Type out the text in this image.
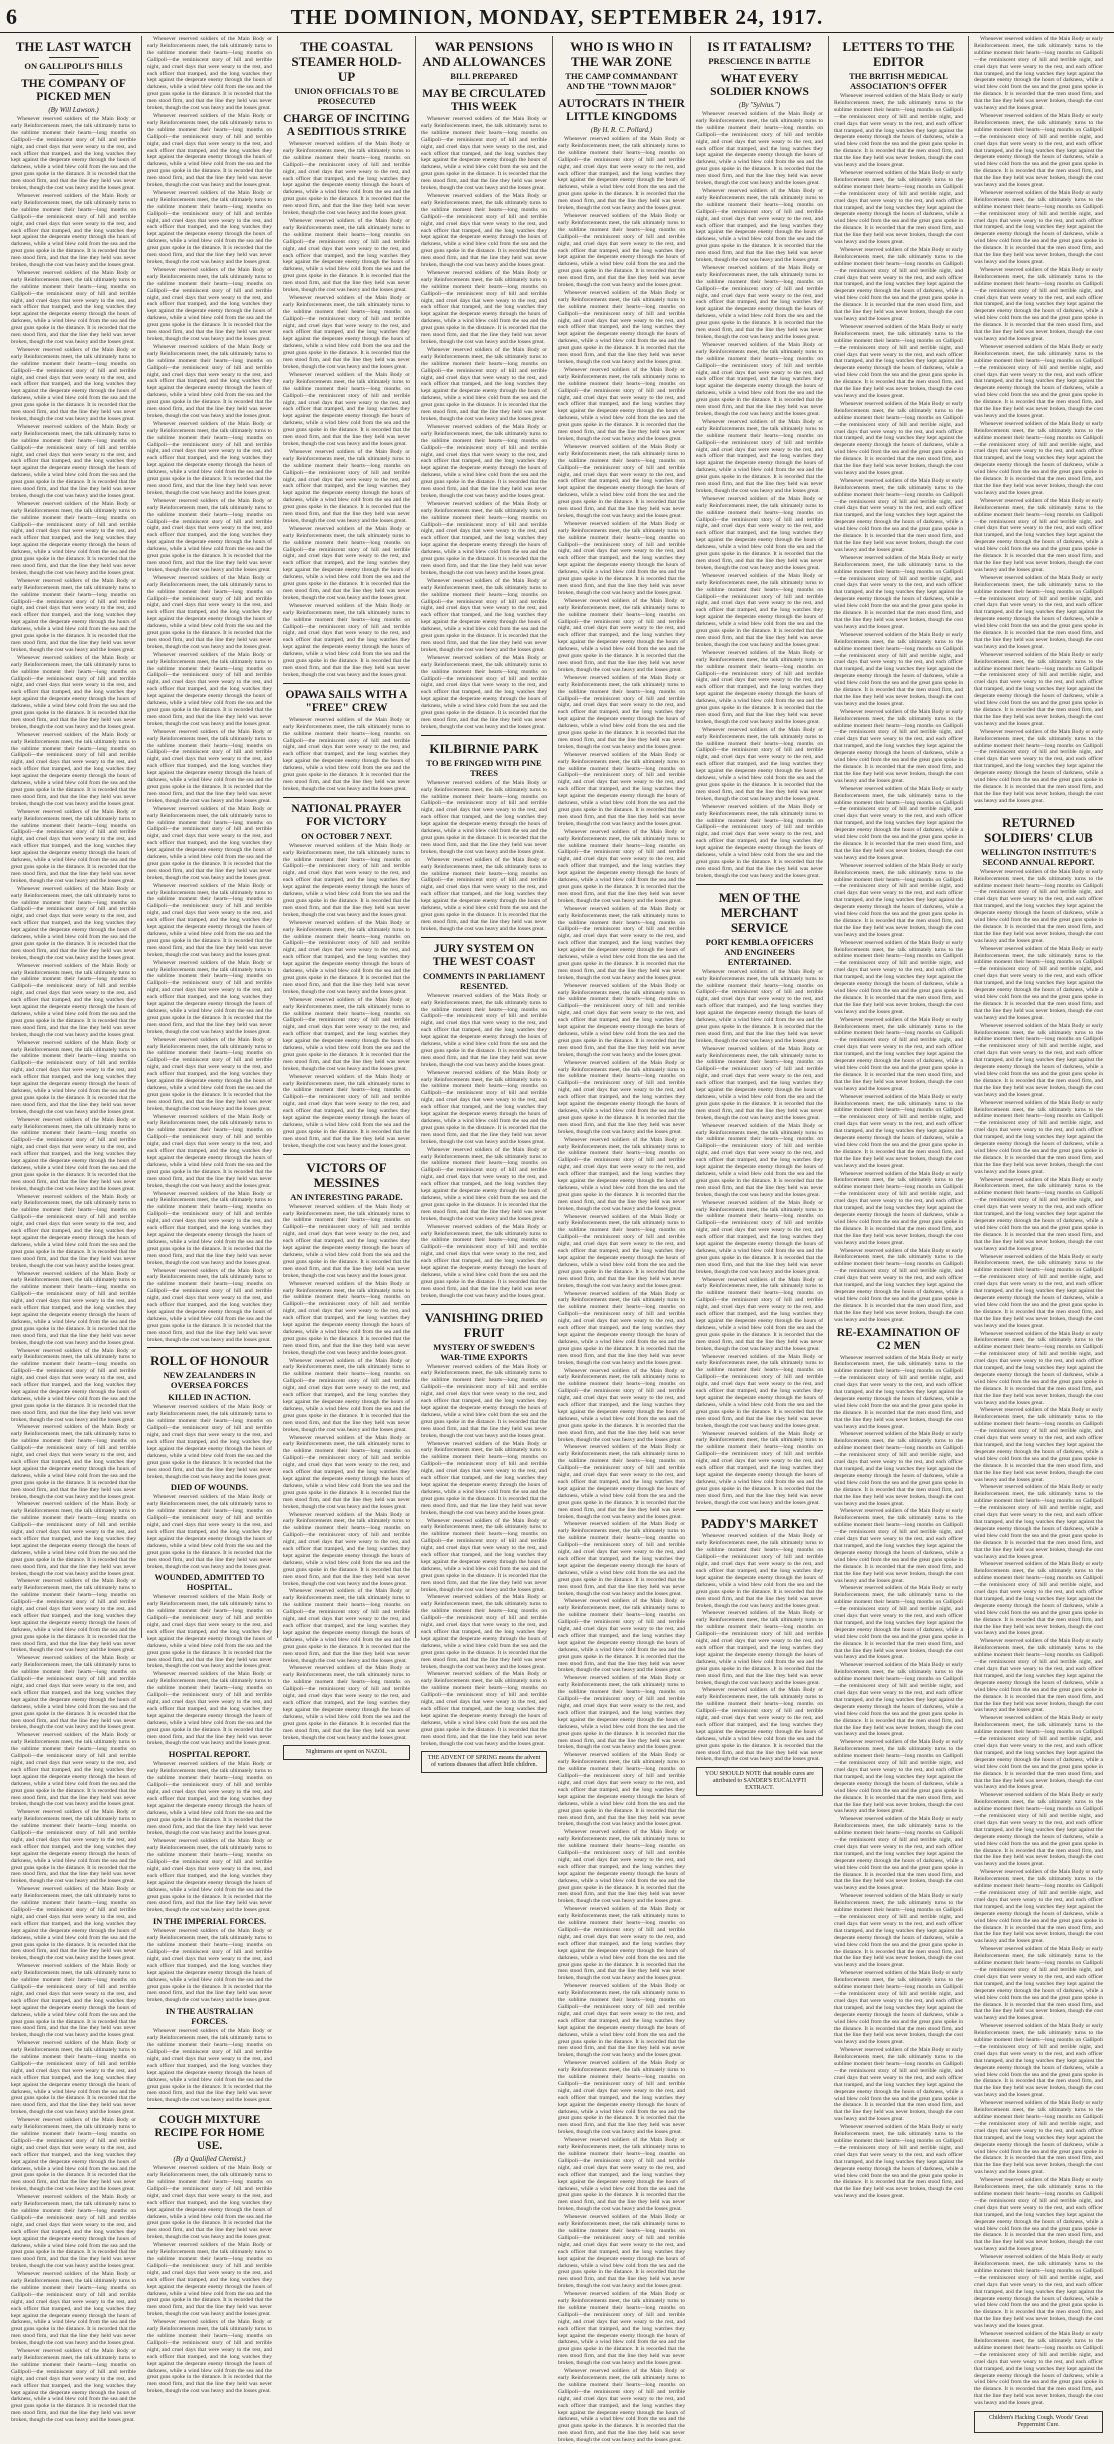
6	THE DOMINION, MONDAY, SEPTEMBER 24, 1917.
THE LAST WATCH
ON GALLIPOLI'S HILLS
THE COMPANY OF PICKED MEN
(By Will Lawson.)

Whenever reserved soldiers of the Main Body or early Reinforcements meet, the talk ultimately turns to the sublime moment their hearts—long months on Gallipoli—the reminiscent story of hill and terrible night, and cruel days that were weary to the rest, and each officer that tramped, and the long watches they kept against the desperate enemy through the hours of darkness, while a wind blew cold from the sea and the great guns spoke in the distance. It is recorded that the men stood firm, and that the line they held was never broken, though the cost was heavy and the losses great.

Whenever reserved soldiers of the Main Body or early Reinforcements meet, the talk ultimately turns to the sublime moment their hearts—long months on Gallipoli—the reminiscent story of hill and terrible night, and cruel days that were weary to the rest, and each officer that tramped, and the long watches they kept against the desperate enemy through the hours of darkness, while a wind blew cold from the sea and the great guns spoke in the distance. It is recorded that the men stood firm, and that the line they held was never broken, though the cost was heavy and the losses great.

Whenever reserved soldiers of the Main Body or early Reinforcements meet, the talk ultimately turns to the sublime moment their hearts—long months on Gallipoli—the reminiscent story of hill and terrible night, and cruel days that were weary to the rest, and each officer that tramped, and the long watches they kept against the desperate enemy through the hours of darkness, while a wind blew cold from the sea and the great guns spoke in the distance. It is recorded that the men stood firm, and that the line they held was never broken, though the cost was heavy and the losses great.

Whenever reserved soldiers of the Main Body or early Reinforcements meet, the talk ultimately turns to the sublime moment their hearts—long months on Gallipoli—the reminiscent story of hill and terrible night, and cruel days that were weary to the rest, and each officer that tramped, and the long watches they kept against the desperate enemy through the hours of darkness, while a wind blew cold from the sea and the great guns spoke in the distance. It is recorded that the men stood firm, and that the line they held was never broken, though the cost was heavy and the losses great.

Whenever reserved soldiers of the Main Body or early Reinforcements meet, the talk ultimately turns to the sublime moment their hearts—long months on Gallipoli—the reminiscent story of hill and terrible night, and cruel days that were weary to the rest, and each officer that tramped, and the long watches they kept against the desperate enemy through the hours of darkness, while a wind blew cold from the sea and the great guns spoke in the distance. It is recorded that the men stood firm, and that the line they held was never broken, though the cost was heavy and the losses great.

Whenever reserved soldiers of the Main Body or early Reinforcements meet, the talk ultimately turns to the sublime moment their hearts—long months on Gallipoli—the reminiscent story of hill and terrible night, and cruel days that were weary to the rest, and each officer that tramped, and the long watches they kept against the desperate enemy through the hours of darkness, while a wind blew cold from the sea and the great guns spoke in the distance. It is recorded that the men stood firm, and that the line they held was never broken, though the cost was heavy and the losses great.

Whenever reserved soldiers of the Main Body or early Reinforcements meet, the talk ultimately turns to the sublime moment their hearts—long months on Gallipoli—the reminiscent story of hill and terrible night, and cruel days that were weary to the rest, and each officer that tramped, and the long watches they kept against the desperate enemy through the hours of darkness, while a wind blew cold from the sea and the great guns spoke in the distance. It is recorded that the men stood firm, and that the line they held was never broken, though the cost was heavy and the losses great.

Whenever reserved soldiers of the Main Body or early Reinforcements meet, the talk ultimately turns to the sublime moment their hearts—long months on Gallipoli—the reminiscent story of hill and terrible night, and cruel days that were weary to the rest, and each officer that tramped, and the long watches they kept against the desperate enemy through the hours of darkness, while a wind blew cold from the sea and the great guns spoke in the distance. It is recorded that the men stood firm, and that the line they held was never broken, though the cost was heavy and the losses great.

Whenever reserved soldiers of the Main Body or early Reinforcements meet, the talk ultimately turns to the sublime moment their hearts—long months on Gallipoli—the reminiscent story of hill and terrible night, and cruel days that were weary to the rest, and each officer that tramped, and the long watches they kept against the desperate enemy through the hours of darkness, while a wind blew cold from the sea and the great guns spoke in the distance. It is recorded that the men stood firm, and that the line they held was never broken, though the cost was heavy and the losses great.

Whenever reserved soldiers of the Main Body or early Reinforcements meet, the talk ultimately turns to the sublime moment their hearts—long months on Gallipoli—the reminiscent story of hill and terrible night, and cruel days that were weary to the rest, and each officer that tramped, and the long watches they kept against the desperate enemy through the hours of darkness, while a wind blew cold from the sea and the great guns spoke in the distance. It is recorded that the men stood firm, and that the line they held was never broken, though the cost was heavy and the losses great.

Whenever reserved soldiers of the Main Body or early Reinforcements meet, the talk ultimately turns to the sublime moment their hearts—long months on Gallipoli—the reminiscent story of hill and terrible night, and cruel days that were weary to the rest, and each officer that tramped, and the long watches they kept against the desperate enemy through the hours of darkness, while a wind blew cold from the sea and the great guns spoke in the distance. It is recorded that the men stood firm, and that the line they held was never broken, though the cost was heavy and the losses great.

Whenever reserved soldiers of the Main Body or early Reinforcements meet, the talk ultimately turns to the sublime moment their hearts—long months on Gallipoli—the reminiscent story of hill and terrible night, and cruel days that were weary to the rest, and each officer that tramped, and the long watches they kept against the desperate enemy through the hours of darkness, while a wind blew cold from the sea and the great guns spoke in the distance. It is recorded that the men stood firm, and that the line they held was never broken, though the cost was heavy and the losses great.

Whenever reserved soldiers of the Main Body or early Reinforcements meet, the talk ultimately turns to the sublime moment their hearts—long months on Gallipoli—the reminiscent story of hill and terrible night, and cruel days that were weary to the rest, and each officer that tramped, and the long watches they kept against the desperate enemy through the hours of darkness, while a wind blew cold from the sea and the great guns spoke in the distance. It is recorded that the men stood firm, and that the line they held was never broken, though the cost was heavy and the losses great.

Whenever reserved soldiers of the Main Body or early Reinforcements meet, the talk ultimately turns to the sublime moment their hearts—long months on Gallipoli—the reminiscent story of hill and terrible night, and cruel days that were weary to the rest, and each officer that tramped, and the long watches they kept against the desperate enemy through the hours of darkness, while a wind blew cold from the sea and the great guns spoke in the distance. It is recorded that the men stood firm, and that the line they held was never broken, though the cost was heavy and the losses great.

Whenever reserved soldiers of the Main Body or early Reinforcements meet, the talk ultimately turns to the sublime moment their hearts—long months on Gallipoli—the reminiscent story of hill and terrible night, and cruel days that were weary to the rest, and each officer that tramped, and the long watches they kept against the desperate enemy through the hours of darkness, while a wind blew cold from the sea and the great guns spoke in the distance. It is recorded that the men stood firm, and that the line they held was never broken, though the cost was heavy and the losses great.

Whenever reserved soldiers of the Main Body or early Reinforcements meet, the talk ultimately turns to the sublime moment their hearts—long months on Gallipoli—the reminiscent story of hill and terrible night, and cruel days that were weary to the rest, and each officer that tramped, and the long watches they kept against the desperate enemy through the hours of darkness, while a wind blew cold from the sea and the great guns spoke in the distance. It is recorded that the men stood firm, and that the line they held was never broken, though the cost was heavy and the losses great.

Whenever reserved soldiers of the Main Body or early Reinforcements meet, the talk ultimately turns to the sublime moment their hearts—long months on Gallipoli—the reminiscent story of hill and terrible night, and cruel days that were weary to the rest, and each officer that tramped, and the long watches they kept against the desperate enemy through the hours of darkness, while a wind blew cold from the sea and the great guns spoke in the distance. It is recorded that the men stood firm, and that the line they held was never broken, though the cost was heavy and the losses great.

Whenever reserved soldiers of the Main Body or early Reinforcements meet, the talk ultimately turns to the sublime moment their hearts—long months on Gallipoli—the reminiscent story of hill and terrible night, and cruel days that were weary to the rest, and each officer that tramped, and the long watches they kept against the desperate enemy through the hours of darkness, while a wind blew cold from the sea and the great guns spoke in the distance. It is recorded that the men stood firm, and that the line they held was never broken, though the cost was heavy and the losses great.

Whenever reserved soldiers of the Main Body or early Reinforcements meet, the talk ultimately turns to the sublime moment their hearts—long months on Gallipoli—the reminiscent story of hill and terrible night, and cruel days that were weary to the rest, and each officer that tramped, and the long watches they kept against the desperate enemy through the hours of darkness, while a wind blew cold from the sea and the great guns spoke in the distance. It is recorded that the men stood firm, and that the line they held was never broken, though the cost was heavy and the losses great.

Whenever reserved soldiers of the Main Body or early Reinforcements meet, the talk ultimately turns to the sublime moment their hearts—long months on Gallipoli—the reminiscent story of hill and terrible night, and cruel days that were weary to the rest, and each officer that tramped, and the long watches they kept against the desperate enemy through the hours of darkness, while a wind blew cold from the sea and the great guns spoke in the distance. It is recorded that the men stood firm, and that the line they held was never broken, though the cost was heavy and the losses great.

Whenever reserved soldiers of the Main Body or early Reinforcements meet, the talk ultimately turns to the sublime moment their hearts—long months on Gallipoli—the reminiscent story of hill and terrible night, and cruel days that were weary to the rest, and each officer that tramped, and the long watches they kept against the desperate enemy through the hours of darkness, while a wind blew cold from the sea and the great guns spoke in the distance. It is recorded that the men stood firm, and that the line they held was never broken, though the cost was heavy and the losses great.

Whenever reserved soldiers of the Main Body or early Reinforcements meet, the talk ultimately turns to the sublime moment their hearts—long months on Gallipoli—the reminiscent story of hill and terrible night, and cruel days that were weary to the rest, and each officer that tramped, and the long watches they kept against the desperate enemy through the hours of darkness, while a wind blew cold from the sea and the great guns spoke in the distance. It is recorded that the men stood firm, and that the line they held was never broken, though the cost was heavy and the losses great.

Whenever reserved soldiers of the Main Body or early Reinforcements meet, the talk ultimately turns to the sublime moment their hearts—long months on Gallipoli—the reminiscent story of hill and terrible night, and cruel days that were weary to the rest, and each officer that tramped, and the long watches they kept against the desperate enemy through the hours of darkness, while a wind blew cold from the sea and the great guns spoke in the distance. It is recorded that the men stood firm, and that the line they held was never broken, though the cost was heavy and the losses great.

Whenever reserved soldiers of the Main Body or early Reinforcements meet, the talk ultimately turns to the sublime moment their hearts—long months on Gallipoli—the reminiscent story of hill and terrible night, and cruel days that were weary to the rest, and each officer that tramped, and the long watches they kept against the desperate enemy through the hours of darkness, while a wind blew cold from the sea and the great guns spoke in the distance. It is recorded that the men stood firm, and that the line they held was never broken, though the cost was heavy and the losses great.

Whenever reserved soldiers of the Main Body or early Reinforcements meet, the talk ultimately turns to the sublime moment their hearts—long months on Gallipoli—the reminiscent story of hill and terrible night, and cruel days that were weary to the rest, and each officer that tramped, and the long watches they kept against the desperate enemy through the hours of darkness, while a wind blew cold from the sea and the great guns spoke in the distance. It is recorded that the men stood firm, and that the line they held was never broken, though the cost was heavy and the losses great.

Whenever reserved soldiers of the Main Body or early Reinforcements meet, the talk ultimately turns to the sublime moment their hearts—long months on Gallipoli—the reminiscent story of hill and terrible night, and cruel days that were weary to the rest, and each officer that tramped, and the long watches they kept against the desperate enemy through the hours of darkness, while a wind blew cold from the sea and the great guns spoke in the distance. It is recorded that the men stood firm, and that the line they held was never broken, though the cost was heavy and the losses great.

Whenever reserved soldiers of the Main Body or early Reinforcements meet, the talk ultimately turns to the sublime moment their hearts—long months on Gallipoli—the reminiscent story of hill and terrible night, and cruel days that were weary to the rest, and each officer that tramped, and the long watches they kept against the desperate enemy through the hours of darkness, while a wind blew cold from the sea and the great guns spoke in the distance. It is recorded that the men stood firm, and that the line they held was never broken, though the cost was heavy and the losses great.

Whenever reserved soldiers of the Main Body or early Reinforcements meet, the talk ultimately turns to the sublime moment their hearts—long months on Gallipoli—the reminiscent story of hill and terrible night, and cruel days that were weary to the rest, and each officer that tramped, and the long watches they kept against the desperate enemy through the hours of darkness, while a wind blew cold from the sea and the great guns spoke in the distance. It is recorded that the men stood firm, and that the line they held was never broken, though the cost was heavy and the losses great.

Whenever reserved soldiers of the Main Body or early Reinforcements meet, the talk ultimately turns to the sublime moment their hearts—long months on Gallipoli—the reminiscent story of hill and terrible night, and cruel days that were weary to the rest, and each officer that tramped, and the long watches they kept against the desperate enemy through the hours of darkness, while a wind blew cold from the sea and the great guns spoke in the distance. It is recorded that the men stood firm, and that the line they held was never broken, though the cost was heavy and the losses great.

Whenever reserved soldiers of the Main Body or early Reinforcements meet, the talk ultimately turns to the sublime moment their hearts—long months on Gallipoli—the reminiscent story of hill and terrible night, and cruel days that were weary to the rest, and each officer that tramped, and the long watches they kept against the desperate enemy through the hours of darkness, while a wind blew cold from the sea and the great guns spoke in the distance. It is recorded that the men stood firm, and that the line they held was never broken, though the cost was heavy and the losses great.

Whenever reserved soldiers of the Main Body or early Reinforcements meet, the talk ultimately turns to the sublime moment their hearts—long months on Gallipoli—the reminiscent story of hill and terrible night, and cruel days that were weary to the rest, and each officer that tramped, and the long watches they kept against the desperate enemy through the hours of darkness, while a wind blew cold from the sea and the great guns spoke in the distance. It is recorded that the men stood firm, and that the line they held was never broken, though the cost was heavy and the losses great.

Whenever reserved soldiers of the Main Body or early Reinforcements meet, the talk ultimately turns to the sublime moment their hearts—long months on Gallipoli—the reminiscent story of hill and terrible night, and cruel days that were weary to the rest, and each officer that tramped, and the long watches they kept against the desperate enemy through the hours of darkness, while a wind blew cold from the sea and the great guns spoke in the distance. It is recorded that the men stood firm, and that the line they held was never broken, though the cost was heavy and the losses great.

Whenever reserved soldiers of the Main Body or early Reinforcements meet, the talk ultimately turns to the sublime moment their hearts—long months on Gallipoli—the reminiscent story of hill and terrible night, and cruel days that were weary to the rest, and each officer that tramped, and the long watches they kept against the desperate enemy through the hours of darkness, while a wind blew cold from the sea and the great guns spoke in the distance. It is recorded that the men stood firm, and that the line they held was never broken, though the cost was heavy and the losses great.

Whenever reserved soldiers of the Main Body or early Reinforcements meet, the talk ultimately turns to the sublime moment their hearts—long months on Gallipoli—the reminiscent story of hill and terrible night, and cruel days that were weary to the rest, and each officer that tramped, and the long watches they kept against the desperate enemy through the hours of darkness, while a wind blew cold from the sea and the great guns spoke in the distance. It is recorded that the men stood firm, and that the line they held was never broken, though the cost was heavy and the losses great.

Whenever reserved soldiers of the Main Body or early Reinforcements meet, the talk ultimately turns to the sublime moment their hearts—long months on Gallipoli—the reminiscent story of hill and terrible night, and cruel days that were weary to the rest, and each officer that tramped, and the long watches they kept against the desperate enemy through the hours of darkness, while a wind blew cold from the sea and the great guns spoke in the distance. It is recorded that the men stood firm, and that the line they held was never broken, though the cost was heavy and the losses great.

Whenever reserved soldiers of the Main Body or early Reinforcements meet, the talk ultimately turns to the sublime moment their hearts—long months on Gallipoli—the reminiscent story of hill and terrible night, and cruel days that were weary to the rest, and each officer that tramped, and the long watches they kept against the desperate enemy through the hours of darkness, while a wind blew cold from the sea and the great guns spoke in the distance. It is recorded that the men stood firm, and that the line they held was never broken, though the cost was heavy and the losses great.

Whenever reserved soldiers of the Main Body or early Reinforcements meet, the talk ultimately turns to the sublime moment their hearts—long months on Gallipoli—the reminiscent story of hill and terrible night, and cruel days that were weary to the rest, and each officer that tramped, and the long watches they kept against the desperate enemy through the hours of darkness, while a wind blew cold from the sea and the great guns spoke in the distance. It is recorded that the men stood firm, and that the line they held was never broken, though the cost was heavy and the losses great.

Whenever reserved soldiers of the Main Body or early Reinforcements meet, the talk ultimately turns to the sublime moment their hearts—long months on Gallipoli—the reminiscent story of hill and terrible night, and cruel days that were weary to the rest, and each officer that tramped, and the long watches they kept against the desperate enemy through the hours of darkness, while a wind blew cold from the sea and the great guns spoke in the distance. It is recorded that the men stood firm, and that the line they held was never broken, though the cost was heavy and the losses great.

Whenever reserved soldiers of the Main Body or early Reinforcements meet, the talk ultimately turns to the sublime moment their hearts—long months on Gallipoli—the reminiscent story of hill and terrible night, and cruel days that were weary to the rest, and each officer that tramped, and the long watches they kept against the desperate enemy through the hours of darkness, while a wind blew cold from the sea and the great guns spoke in the distance. It is recorded that the men stood firm, and that the line they held was never broken, though the cost was heavy and the losses great.

Whenever reserved soldiers of the Main Body or early Reinforcements meet, the talk ultimately turns to the sublime moment their hearts—long months on Gallipoli—the reminiscent story of hill and terrible night, and cruel days that were weary to the rest, and each officer that tramped, and the long watches they kept against the desperate enemy through the hours of darkness, while a wind blew cold from the sea and the great guns spoke in the distance. It is recorded that the men stood firm, and that the line they held was never broken, though the cost was heavy and the losses great.

Whenever reserved soldiers of the Main Body or early Reinforcements meet, the talk ultimately turns to the sublime moment their hearts—long months on Gallipoli—the reminiscent story of hill and terrible night, and cruel days that were weary to the rest, and each officer that tramped, and the long watches they kept against the desperate enemy through the hours of darkness, while a wind blew cold from the sea and the great guns spoke in the distance. It is recorded that the men stood firm, and that the line they held was never broken, though the cost was heavy and the losses great.

Whenever reserved soldiers of the Main Body or early Reinforcements meet, the talk ultimately turns to the sublime moment their hearts—long months on Gallipoli—the reminiscent story of hill and terrible night, and cruel days that were weary to the rest, and each officer that tramped, and the long watches they kept against the desperate enemy through the hours of darkness, while a wind blew cold from the sea and the great guns spoke in the distance. It is recorded that the men stood firm, and that the line they held was never broken, though the cost was heavy and the losses great.

Whenever reserved soldiers of the Main Body or early Reinforcements meet, the talk ultimately turns to the sublime moment their hearts—long months on Gallipoli—the reminiscent story of hill and terrible night, and cruel days that were weary to the rest, and each officer that tramped, and the long watches they kept against the desperate enemy through the hours of darkness, while a wind blew cold from the sea and the great guns spoke in the distance. It is recorded that the men stood firm, and that the line they held was never broken, though the cost was heavy and the losses great.

Whenever reserved soldiers of the Main Body or early Reinforcements meet, the talk ultimately turns to the sublime moment their hearts—long months on Gallipoli—the reminiscent story of hill and terrible night, and cruel days that were weary to the rest, and each officer that tramped, and the long watches they kept against the desperate enemy through the hours of darkness, while a wind blew cold from the sea and the great guns spoke in the distance. It is recorded that the men stood firm, and that the line they held was never broken, though the cost was heavy and the losses great.

Whenever reserved soldiers of the Main Body or early Reinforcements meet, the talk ultimately turns to the sublime moment their hearts—long months on Gallipoli—the reminiscent story of hill and terrible night, and cruel days that were weary to the rest, and each officer that tramped, and the long watches they kept against the desperate enemy through the hours of darkness, while a wind blew cold from the sea and the great guns spoke in the distance. It is recorded that the men stood firm, and that the line they held was never broken, though the cost was heavy and the losses great.

Whenever reserved soldiers of the Main Body or early Reinforcements meet, the talk ultimately turns to the sublime moment their hearts—long months on Gallipoli—the reminiscent story of hill and terrible night, and cruel days that were weary to the rest, and each officer that tramped, and the long watches they kept against the desperate enemy through the hours of darkness, while a wind blew cold from the sea and the great guns spoke in the distance. It is recorded that the men stood firm, and that the line they held was never broken, though the cost was heavy and the losses great.

Whenever reserved soldiers of the Main Body or early Reinforcements meet, the talk ultimately turns to the sublime moment their hearts—long months on Gallipoli—the reminiscent story of hill and terrible night, and cruel days that were weary to the rest, and each officer that tramped, and the long watches they kept against the desperate enemy through the hours of darkness, while a wind blew cold from the sea and the great guns spoke in the distance. It is recorded that the men stood firm, and that the line they held was never broken, though the cost was heavy and the losses great.

ROLL OF HONOUR
NEW ZEALANDERS IN OVERSEA FORCES
KILLED IN ACTION.

Whenever reserved soldiers of the Main Body or early Reinforcements meet, the talk ultimately turns to the sublime moment their hearts—long months on Gallipoli—the reminiscent story of hill and terrible night, and cruel days that were weary to the rest, and each officer that tramped, and the long watches they kept against the desperate enemy through the hours of darkness, while a wind blew cold from the sea and the great guns spoke in the distance. It is recorded that the men stood firm, and that the line they held was never broken, though the cost was heavy and the losses great.

DIED OF WOUNDS.

Whenever reserved soldiers of the Main Body or early Reinforcements meet, the talk ultimately turns to the sublime moment their hearts—long months on Gallipoli—the reminiscent story of hill and terrible night, and cruel days that were weary to the rest, and each officer that tramped, and the long watches they kept against the desperate enemy through the hours of darkness, while a wind blew cold from the sea and the great guns spoke in the distance. It is recorded that the men stood firm, and that the line they held was never broken, though the cost was heavy and the losses great.

WOUNDED, ADMITTED TO HOSPITAL.

Whenever reserved soldiers of the Main Body or early Reinforcements meet, the talk ultimately turns to the sublime moment their hearts—long months on Gallipoli—the reminiscent story of hill and terrible night, and cruel days that were weary to the rest, and each officer that tramped, and the long watches they kept against the desperate enemy through the hours of darkness, while a wind blew cold from the sea and the great guns spoke in the distance. It is recorded that the men stood firm, and that the line they held was never broken, though the cost was heavy and the losses great.

Whenever reserved soldiers of the Main Body or early Reinforcements meet, the talk ultimately turns to the sublime moment their hearts—long months on Gallipoli—the reminiscent story of hill and terrible night, and cruel days that were weary to the rest, and each officer that tramped, and the long watches they kept against the desperate enemy through the hours of darkness, while a wind blew cold from the sea and the great guns spoke in the distance. It is recorded that the men stood firm, and that the line they held was never broken, though the cost was heavy and the losses great.

HOSPITAL REPORT.

Whenever reserved soldiers of the Main Body or early Reinforcements meet, the talk ultimately turns to the sublime moment their hearts—long months on Gallipoli—the reminiscent story of hill and terrible night, and cruel days that were weary to the rest, and each officer that tramped, and the long watches they kept against the desperate enemy through the hours of darkness, while a wind blew cold from the sea and the great guns spoke in the distance. It is recorded that the men stood firm, and that the line they held was never broken, though the cost was heavy and the losses great.

Whenever reserved soldiers of the Main Body or early Reinforcements meet, the talk ultimately turns to the sublime moment their hearts—long months on Gallipoli—the reminiscent story of hill and terrible night, and cruel days that were weary to the rest, and each officer that tramped, and the long watches they kept against the desperate enemy through the hours of darkness, while a wind blew cold from the sea and the great guns spoke in the distance. It is recorded that the men stood firm, and that the line they held was never broken, though the cost was heavy and the losses great.

IN THE IMPERIAL FORCES.

Whenever reserved soldiers of the Main Body or early Reinforcements meet, the talk ultimately turns to the sublime moment their hearts—long months on Gallipoli—the reminiscent story of hill and terrible night, and cruel days that were weary to the rest, and each officer that tramped, and the long watches they kept against the desperate enemy through the hours of darkness, while a wind blew cold from the sea and the great guns spoke in the distance. It is recorded that the men stood firm, and that the line they held was never broken, though the cost was heavy and the losses great.

IN THE AUSTRALIAN FORCES.

Whenever reserved soldiers of the Main Body or early Reinforcements meet, the talk ultimately turns to the sublime moment their hearts—long months on Gallipoli—the reminiscent story of hill and terrible night, and cruel days that were weary to the rest, and each officer that tramped, and the long watches they kept against the desperate enemy through the hours of darkness, while a wind blew cold from the sea and the great guns spoke in the distance. It is recorded that the men stood firm, and that the line they held was never broken, though the cost was heavy and the losses great.

COUGH MIXTURE RECIPE FOR HOME USE.
(By a Qualified Chemist.)

Whenever reserved soldiers of the Main Body or early Reinforcements meet, the talk ultimately turns to the sublime moment their hearts—long months on Gallipoli—the reminiscent story of hill and terrible night, and cruel days that were weary to the rest, and each officer that tramped, and the long watches they kept against the desperate enemy through the hours of darkness, while a wind blew cold from the sea and the great guns spoke in the distance. It is recorded that the men stood firm, and that the line they held was never broken, though the cost was heavy and the losses great.

Whenever reserved soldiers of the Main Body or early Reinforcements meet, the talk ultimately turns to the sublime moment their hearts—long months on Gallipoli—the reminiscent story of hill and terrible night, and cruel days that were weary to the rest, and each officer that tramped, and the long watches they kept against the desperate enemy through the hours of darkness, while a wind blew cold from the sea and the great guns spoke in the distance. It is recorded that the men stood firm, and that the line they held was never broken, though the cost was heavy and the losses great.

Whenever reserved soldiers of the Main Body or early Reinforcements meet, the talk ultimately turns to the sublime moment their hearts—long months on Gallipoli—the reminiscent story of hill and terrible night, and cruel days that were weary to the rest, and each officer that tramped, and the long watches they kept against the desperate enemy through the hours of darkness, while a wind blew cold from the sea and the great guns spoke in the distance. It is recorded that the men stood firm, and that the line they held was never broken, though the cost was heavy and the losses great.

THE COASTAL STEAMER HOLD-UP
UNION OFFICIALS TO BE PROSECUTED
CHARGE OF INCITING A SEDITIOUS STRIKE

Whenever reserved soldiers of the Main Body or early Reinforcements meet, the talk ultimately turns to the sublime moment their hearts—long months on Gallipoli—the reminiscent story of hill and terrible night, and cruel days that were weary to the rest, and each officer that tramped, and the long watches they kept against the desperate enemy through the hours of darkness, while a wind blew cold from the sea and the great guns spoke in the distance. It is recorded that the men stood firm, and that the line they held was never broken, though the cost was heavy and the losses great.

Whenever reserved soldiers of the Main Body or early Reinforcements meet, the talk ultimately turns to the sublime moment their hearts—long months on Gallipoli—the reminiscent story of hill and terrible night, and cruel days that were weary to the rest, and each officer that tramped, and the long watches they kept against the desperate enemy through the hours of darkness, while a wind blew cold from the sea and the great guns spoke in the distance. It is recorded that the men stood firm, and that the line they held was never broken, though the cost was heavy and the losses great.

Whenever reserved soldiers of the Main Body or early Reinforcements meet, the talk ultimately turns to the sublime moment their hearts—long months on Gallipoli—the reminiscent story of hill and terrible night, and cruel days that were weary to the rest, and each officer that tramped, and the long watches they kept against the desperate enemy through the hours of darkness, while a wind blew cold from the sea and the great guns spoke in the distance. It is recorded that the men stood firm, and that the line they held was never broken, though the cost was heavy and the losses great.

Whenever reserved soldiers of the Main Body or early Reinforcements meet, the talk ultimately turns to the sublime moment their hearts—long months on Gallipoli—the reminiscent story of hill and terrible night, and cruel days that were weary to the rest, and each officer that tramped, and the long watches they kept against the desperate enemy through the hours of darkness, while a wind blew cold from the sea and the great guns spoke in the distance. It is recorded that the men stood firm, and that the line they held was never broken, though the cost was heavy and the losses great.

Whenever reserved soldiers of the Main Body or early Reinforcements meet, the talk ultimately turns to the sublime moment their hearts—long months on Gallipoli—the reminiscent story of hill and terrible night, and cruel days that were weary to the rest, and each officer that tramped, and the long watches they kept against the desperate enemy through the hours of darkness, while a wind blew cold from the sea and the great guns spoke in the distance. It is recorded that the men stood firm, and that the line they held was never broken, though the cost was heavy and the losses great.

Whenever reserved soldiers of the Main Body or early Reinforcements meet, the talk ultimately turns to the sublime moment their hearts—long months on Gallipoli—the reminiscent story of hill and terrible night, and cruel days that were weary to the rest, and each officer that tramped, and the long watches they kept against the desperate enemy through the hours of darkness, while a wind blew cold from the sea and the great guns spoke in the distance. It is recorded that the men stood firm, and that the line they held was never broken, though the cost was heavy and the losses great.

Whenever reserved soldiers of the Main Body or early Reinforcements meet, the talk ultimately turns to the sublime moment their hearts—long months on Gallipoli—the reminiscent story of hill and terrible night, and cruel days that were weary to the rest, and each officer that tramped, and the long watches they kept against the desperate enemy through the hours of darkness, while a wind blew cold from the sea and the great guns spoke in the distance. It is recorded that the men stood firm, and that the line they held was never broken, though the cost was heavy and the losses great.

OPAWA SAILS WITH A "FREE" CREW

Whenever reserved soldiers of the Main Body or early Reinforcements meet, the talk ultimately turns to the sublime moment their hearts—long months on Gallipoli—the reminiscent story of hill and terrible night, and cruel days that were weary to the rest, and each officer that tramped, and the long watches they kept against the desperate enemy through the hours of darkness, while a wind blew cold from the sea and the great guns spoke in the distance. It is recorded that the men stood firm, and that the line they held was never broken, though the cost was heavy and the losses great.

NATIONAL PRAYER FOR VICTORY
ON OCTOBER 7 NEXT.

Whenever reserved soldiers of the Main Body or early Reinforcements meet, the talk ultimately turns to the sublime moment their hearts—long months on Gallipoli—the reminiscent story of hill and terrible night, and cruel days that were weary to the rest, and each officer that tramped, and the long watches they kept against the desperate enemy through the hours of darkness, while a wind blew cold from the sea and the great guns spoke in the distance. It is recorded that the men stood firm, and that the line they held was never broken, though the cost was heavy and the losses great.

Whenever reserved soldiers of the Main Body or early Reinforcements meet, the talk ultimately turns to the sublime moment their hearts—long months on Gallipoli—the reminiscent story of hill and terrible night, and cruel days that were weary to the rest, and each officer that tramped, and the long watches they kept against the desperate enemy through the hours of darkness, while a wind blew cold from the sea and the great guns spoke in the distance. It is recorded that the men stood firm, and that the line they held was never broken, though the cost was heavy and the losses great.

Whenever reserved soldiers of the Main Body or early Reinforcements meet, the talk ultimately turns to the sublime moment their hearts—long months on Gallipoli—the reminiscent story of hill and terrible night, and cruel days that were weary to the rest, and each officer that tramped, and the long watches they kept against the desperate enemy through the hours of darkness, while a wind blew cold from the sea and the great guns spoke in the distance. It is recorded that the men stood firm, and that the line they held was never broken, though the cost was heavy and the losses great.

Whenever reserved soldiers of the Main Body or early Reinforcements meet, the talk ultimately turns to the sublime moment their hearts—long months on Gallipoli—the reminiscent story of hill and terrible night, and cruel days that were weary to the rest, and each officer that tramped, and the long watches they kept against the desperate enemy through the hours of darkness, while a wind blew cold from the sea and the great guns spoke in the distance. It is recorded that the men stood firm, and that the line they held was never broken, though the cost was heavy and the losses great.

VICTORS OF MESSINES
AN INTERESTING PARADE.

Whenever reserved soldiers of the Main Body or early Reinforcements meet, the talk ultimately turns to the sublime moment their hearts—long months on Gallipoli—the reminiscent story of hill and terrible night, and cruel days that were weary to the rest, and each officer that tramped, and the long watches they kept against the desperate enemy through the hours of darkness, while a wind blew cold from the sea and the great guns spoke in the distance. It is recorded that the men stood firm, and that the line they held was never broken, though the cost was heavy and the losses great.

Whenever reserved soldiers of the Main Body or early Reinforcements meet, the talk ultimately turns to the sublime moment their hearts—long months on Gallipoli—the reminiscent story of hill and terrible night, and cruel days that were weary to the rest, and each officer that tramped, and the long watches they kept against the desperate enemy through the hours of darkness, while a wind blew cold from the sea and the great guns spoke in the distance. It is recorded that the men stood firm, and that the line they held was never broken, though the cost was heavy and the losses great.

Whenever reserved soldiers of the Main Body or early Reinforcements meet, the talk ultimately turns to the sublime moment their hearts—long months on Gallipoli—the reminiscent story of hill and terrible night, and cruel days that were weary to the rest, and each officer that tramped, and the long watches they kept against the desperate enemy through the hours of darkness, while a wind blew cold from the sea and the great guns spoke in the distance. It is recorded that the men stood firm, and that the line they held was never broken, though the cost was heavy and the losses great.

Whenever reserved soldiers of the Main Body or early Reinforcements meet, the talk ultimately turns to the sublime moment their hearts—long months on Gallipoli—the reminiscent story of hill and terrible night, and cruel days that were weary to the rest, and each officer that tramped, and the long watches they kept against the desperate enemy through the hours of darkness, while a wind blew cold from the sea and the great guns spoke in the distance. It is recorded that the men stood firm, and that the line they held was never broken, though the cost was heavy and the losses great.

Whenever reserved soldiers of the Main Body or early Reinforcements meet, the talk ultimately turns to the sublime moment their hearts—long months on Gallipoli—the reminiscent story of hill and terrible night, and cruel days that were weary to the rest, and each officer that tramped, and the long watches they kept against the desperate enemy through the hours of darkness, while a wind blew cold from the sea and the great guns spoke in the distance. It is recorded that the men stood firm, and that the line they held was never broken, though the cost was heavy and the losses great.

Whenever reserved soldiers of the Main Body or early Reinforcements meet, the talk ultimately turns to the sublime moment their hearts—long months on Gallipoli—the reminiscent story of hill and terrible night, and cruel days that were weary to the rest, and each officer that tramped, and the long watches they kept against the desperate enemy through the hours of darkness, while a wind blew cold from the sea and the great guns spoke in the distance. It is recorded that the men stood firm, and that the line they held was never broken, though the cost was heavy and the losses great.

Whenever reserved soldiers of the Main Body or early Reinforcements meet, the talk ultimately turns to the sublime moment their hearts—long months on Gallipoli—the reminiscent story of hill and terrible night, and cruel days that were weary to the rest, and each officer that tramped, and the long watches they kept against the desperate enemy through the hours of darkness, while a wind blew cold from the sea and the great guns spoke in the distance. It is recorded that the men stood firm, and that the line they held was never broken, though the cost was heavy and the losses great.

Nightmares are spent on NAZOL.
WAR PENSIONS AND ALLOWANCES
BILL PREPARED
MAY BE CIRCULATED THIS WEEK

Whenever reserved soldiers of the Main Body or early Reinforcements meet, the talk ultimately turns to the sublime moment their hearts—long months on Gallipoli—the reminiscent story of hill and terrible night, and cruel days that were weary to the rest, and each officer that tramped, and the long watches they kept against the desperate enemy through the hours of darkness, while a wind blew cold from the sea and the great guns spoke in the distance. It is recorded that the men stood firm, and that the line they held was never broken, though the cost was heavy and the losses great.

Whenever reserved soldiers of the Main Body or early Reinforcements meet, the talk ultimately turns to the sublime moment their hearts—long months on Gallipoli—the reminiscent story of hill and terrible night, and cruel days that were weary to the rest, and each officer that tramped, and the long watches they kept against the desperate enemy through the hours of darkness, while a wind blew cold from the sea and the great guns spoke in the distance. It is recorded that the men stood firm, and that the line they held was never broken, though the cost was heavy and the losses great.

Whenever reserved soldiers of the Main Body or early Reinforcements meet, the talk ultimately turns to the sublime moment their hearts—long months on Gallipoli—the reminiscent story of hill and terrible night, and cruel days that were weary to the rest, and each officer that tramped, and the long watches they kept against the desperate enemy through the hours of darkness, while a wind blew cold from the sea and the great guns spoke in the distance. It is recorded that the men stood firm, and that the line they held was never broken, though the cost was heavy and the losses great.

Whenever reserved soldiers of the Main Body or early Reinforcements meet, the talk ultimately turns to the sublime moment their hearts—long months on Gallipoli—the reminiscent story of hill and terrible night, and cruel days that were weary to the rest, and each officer that tramped, and the long watches they kept against the desperate enemy through the hours of darkness, while a wind blew cold from the sea and the great guns spoke in the distance. It is recorded that the men stood firm, and that the line they held was never broken, though the cost was heavy and the losses great.

Whenever reserved soldiers of the Main Body or early Reinforcements meet, the talk ultimately turns to the sublime moment their hearts—long months on Gallipoli—the reminiscent story of hill and terrible night, and cruel days that were weary to the rest, and each officer that tramped, and the long watches they kept against the desperate enemy through the hours of darkness, while a wind blew cold from the sea and the great guns spoke in the distance. It is recorded that the men stood firm, and that the line they held was never broken, though the cost was heavy and the losses great.

Whenever reserved soldiers of the Main Body or early Reinforcements meet, the talk ultimately turns to the sublime moment their hearts—long months on Gallipoli—the reminiscent story of hill and terrible night, and cruel days that were weary to the rest, and each officer that tramped, and the long watches they kept against the desperate enemy through the hours of darkness, while a wind blew cold from the sea and the great guns spoke in the distance. It is recorded that the men stood firm, and that the line they held was never broken, though the cost was heavy and the losses great.

Whenever reserved soldiers of the Main Body or early Reinforcements meet, the talk ultimately turns to the sublime moment their hearts—long months on Gallipoli—the reminiscent story of hill and terrible night, and cruel days that were weary to the rest, and each officer that tramped, and the long watches they kept against the desperate enemy through the hours of darkness, while a wind blew cold from the sea and the great guns spoke in the distance. It is recorded that the men stood firm, and that the line they held was never broken, though the cost was heavy and the losses great.

Whenever reserved soldiers of the Main Body or early Reinforcements meet, the talk ultimately turns to the sublime moment their hearts—long months on Gallipoli—the reminiscent story of hill and terrible night, and cruel days that were weary to the rest, and each officer that tramped, and the long watches they kept against the desperate enemy through the hours of darkness, while a wind blew cold from the sea and the great guns spoke in the distance. It is recorded that the men stood firm, and that the line they held was never broken, though the cost was heavy and the losses great.

KILBIRNIE PARK
TO BE FRINGED WITH PINE TREES

Whenever reserved soldiers of the Main Body or early Reinforcements meet, the talk ultimately turns to the sublime moment their hearts—long months on Gallipoli—the reminiscent story of hill and terrible night, and cruel days that were weary to the rest, and each officer that tramped, and the long watches they kept against the desperate enemy through the hours of darkness, while a wind blew cold from the sea and the great guns spoke in the distance. It is recorded that the men stood firm, and that the line they held was never broken, though the cost was heavy and the losses great.

Whenever reserved soldiers of the Main Body or early Reinforcements meet, the talk ultimately turns to the sublime moment their hearts—long months on Gallipoli—the reminiscent story of hill and terrible night, and cruel days that were weary to the rest, and each officer that tramped, and the long watches they kept against the desperate enemy through the hours of darkness, while a wind blew cold from the sea and the great guns spoke in the distance. It is recorded that the men stood firm, and that the line they held was never broken, though the cost was heavy and the losses great.

JURY SYSTEM ON THE WEST COAST
COMMENTS IN PARLIAMENT RESENTED.

Whenever reserved soldiers of the Main Body or early Reinforcements meet, the talk ultimately turns to the sublime moment their hearts—long months on Gallipoli—the reminiscent story of hill and terrible night, and cruel days that were weary to the rest, and each officer that tramped, and the long watches they kept against the desperate enemy through the hours of darkness, while a wind blew cold from the sea and the great guns spoke in the distance. It is recorded that the men stood firm, and that the line they held was never broken, though the cost was heavy and the losses great.

Whenever reserved soldiers of the Main Body or early Reinforcements meet, the talk ultimately turns to the sublime moment their hearts—long months on Gallipoli—the reminiscent story of hill and terrible night, and cruel days that were weary to the rest, and each officer that tramped, and the long watches they kept against the desperate enemy through the hours of darkness, while a wind blew cold from the sea and the great guns spoke in the distance. It is recorded that the men stood firm, and that the line they held was never broken, though the cost was heavy and the losses great.

Whenever reserved soldiers of the Main Body or early Reinforcements meet, the talk ultimately turns to the sublime moment their hearts—long months on Gallipoli—the reminiscent story of hill and terrible night, and cruel days that were weary to the rest, and each officer that tramped, and the long watches they kept against the desperate enemy through the hours of darkness, while a wind blew cold from the sea and the great guns spoke in the distance. It is recorded that the men stood firm, and that the line they held was never broken, though the cost was heavy and the losses great.

Whenever reserved soldiers of the Main Body or early Reinforcements meet, the talk ultimately turns to the sublime moment their hearts—long months on Gallipoli—the reminiscent story of hill and terrible night, and cruel days that were weary to the rest, and each officer that tramped, and the long watches they kept against the desperate enemy through the hours of darkness, while a wind blew cold from the sea and the great guns spoke in the distance. It is recorded that the men stood firm, and that the line they held was never broken, though the cost was heavy and the losses great.

VANISHING DRIED FRUIT
MYSTERY OF SWEDEN'S WAR-TIME EXPORTS

Whenever reserved soldiers of the Main Body or early Reinforcements meet, the talk ultimately turns to the sublime moment their hearts—long months on Gallipoli—the reminiscent story of hill and terrible night, and cruel days that were weary to the rest, and each officer that tramped, and the long watches they kept against the desperate enemy through the hours of darkness, while a wind blew cold from the sea and the great guns spoke in the distance. It is recorded that the men stood firm, and that the line they held was never broken, though the cost was heavy and the losses great.

Whenever reserved soldiers of the Main Body or early Reinforcements meet, the talk ultimately turns to the sublime moment their hearts—long months on Gallipoli—the reminiscent story of hill and terrible night, and cruel days that were weary to the rest, and each officer that tramped, and the long watches they kept against the desperate enemy through the hours of darkness, while a wind blew cold from the sea and the great guns spoke in the distance. It is recorded that the men stood firm, and that the line they held was never broken, though the cost was heavy and the losses great.

Whenever reserved soldiers of the Main Body or early Reinforcements meet, the talk ultimately turns to the sublime moment their hearts—long months on Gallipoli—the reminiscent story of hill and terrible night, and cruel days that were weary to the rest, and each officer that tramped, and the long watches they kept against the desperate enemy through the hours of darkness, while a wind blew cold from the sea and the great guns spoke in the distance. It is recorded that the men stood firm, and that the line they held was never broken, though the cost was heavy and the losses great.

Whenever reserved soldiers of the Main Body or early Reinforcements meet, the talk ultimately turns to the sublime moment their hearts—long months on Gallipoli—the reminiscent story of hill and terrible night, and cruel days that were weary to the rest, and each officer that tramped, and the long watches they kept against the desperate enemy through the hours of darkness, while a wind blew cold from the sea and the great guns spoke in the distance. It is recorded that the men stood firm, and that the line they held was never broken, though the cost was heavy and the losses great.

Whenever reserved soldiers of the Main Body or early Reinforcements meet, the talk ultimately turns to the sublime moment their hearts—long months on Gallipoli—the reminiscent story of hill and terrible night, and cruel days that were weary to the rest, and each officer that tramped, and the long watches they kept against the desperate enemy through the hours of darkness, while a wind blew cold from the sea and the great guns spoke in the distance. It is recorded that the men stood firm, and that the line they held was never broken, though the cost was heavy and the losses great.

THE ADVENT OF SPRING means the advent of various diseases that affect little children.
WHO IS WHO IN THE WAR ZONE
THE CAMP COMMANDANT AND THE "TOWN MAJOR"
AUTOCRATS IN THEIR LITTLE KINGDOMS
(By H. R. C. Pollard.)

Whenever reserved soldiers of the Main Body or early Reinforcements meet, the talk ultimately turns to the sublime moment their hearts—long months on Gallipoli—the reminiscent story of hill and terrible night, and cruel days that were weary to the rest, and each officer that tramped, and the long watches they kept against the desperate enemy through the hours of darkness, while a wind blew cold from the sea and the great guns spoke in the distance. It is recorded that the men stood firm, and that the line they held was never broken, though the cost was heavy and the losses great.

Whenever reserved soldiers of the Main Body or early Reinforcements meet, the talk ultimately turns to the sublime moment their hearts—long months on Gallipoli—the reminiscent story of hill and terrible night, and cruel days that were weary to the rest, and each officer that tramped, and the long watches they kept against the desperate enemy through the hours of darkness, while a wind blew cold from the sea and the great guns spoke in the distance. It is recorded that the men stood firm, and that the line they held was never broken, though the cost was heavy and the losses great.

Whenever reserved soldiers of the Main Body or early Reinforcements meet, the talk ultimately turns to the sublime moment their hearts—long months on Gallipoli—the reminiscent story of hill and terrible night, and cruel days that were weary to the rest, and each officer that tramped, and the long watches they kept against the desperate enemy through the hours of darkness, while a wind blew cold from the sea and the great guns spoke in the distance. It is recorded that the men stood firm, and that the line they held was never broken, though the cost was heavy and the losses great.

Whenever reserved soldiers of the Main Body or early Reinforcements meet, the talk ultimately turns to the sublime moment their hearts—long months on Gallipoli—the reminiscent story of hill and terrible night, and cruel days that were weary to the rest, and each officer that tramped, and the long watches they kept against the desperate enemy through the hours of darkness, while a wind blew cold from the sea and the great guns spoke in the distance. It is recorded that the men stood firm, and that the line they held was never broken, though the cost was heavy and the losses great.

Whenever reserved soldiers of the Main Body or early Reinforcements meet, the talk ultimately turns to the sublime moment their hearts—long months on Gallipoli—the reminiscent story of hill and terrible night, and cruel days that were weary to the rest, and each officer that tramped, and the long watches they kept against the desperate enemy through the hours of darkness, while a wind blew cold from the sea and the great guns spoke in the distance. It is recorded that the men stood firm, and that the line they held was never broken, though the cost was heavy and the losses great.

Whenever reserved soldiers of the Main Body or early Reinforcements meet, the talk ultimately turns to the sublime moment their hearts—long months on Gallipoli—the reminiscent story of hill and terrible night, and cruel days that were weary to the rest, and each officer that tramped, and the long watches they kept against the desperate enemy through the hours of darkness, while a wind blew cold from the sea and the great guns spoke in the distance. It is recorded that the men stood firm, and that the line they held was never broken, though the cost was heavy and the losses great.

Whenever reserved soldiers of the Main Body or early Reinforcements meet, the talk ultimately turns to the sublime moment their hearts—long months on Gallipoli—the reminiscent story of hill and terrible night, and cruel days that were weary to the rest, and each officer that tramped, and the long watches they kept against the desperate enemy through the hours of darkness, while a wind blew cold from the sea and the great guns spoke in the distance. It is recorded that the men stood firm, and that the line they held was never broken, though the cost was heavy and the losses great.

Whenever reserved soldiers of the Main Body or early Reinforcements meet, the talk ultimately turns to the sublime moment their hearts—long months on Gallipoli—the reminiscent story of hill and terrible night, and cruel days that were weary to the rest, and each officer that tramped, and the long watches they kept against the desperate enemy through the hours of darkness, while a wind blew cold from the sea and the great guns spoke in the distance. It is recorded that the men stood firm, and that the line they held was never broken, though the cost was heavy and the losses great.

Whenever reserved soldiers of the Main Body or early Reinforcements meet, the talk ultimately turns to the sublime moment their hearts—long months on Gallipoli—the reminiscent story of hill and terrible night, and cruel days that were weary to the rest, and each officer that tramped, and the long watches they kept against the desperate enemy through the hours of darkness, while a wind blew cold from the sea and the great guns spoke in the distance. It is recorded that the men stood firm, and that the line they held was never broken, though the cost was heavy and the losses great.

Whenever reserved soldiers of the Main Body or early Reinforcements meet, the talk ultimately turns to the sublime moment their hearts—long months on Gallipoli—the reminiscent story of hill and terrible night, and cruel days that were weary to the rest, and each officer that tramped, and the long watches they kept against the desperate enemy through the hours of darkness, while a wind blew cold from the sea and the great guns spoke in the distance. It is recorded that the men stood firm, and that the line they held was never broken, though the cost was heavy and the losses great.

Whenever reserved soldiers of the Main Body or early Reinforcements meet, the talk ultimately turns to the sublime moment their hearts—long months on Gallipoli—the reminiscent story of hill and terrible night, and cruel days that were weary to the rest, and each officer that tramped, and the long watches they kept against the desperate enemy through the hours of darkness, while a wind blew cold from the sea and the great guns spoke in the distance. It is recorded that the men stood firm, and that the line they held was never broken, though the cost was heavy and the losses great.

Whenever reserved soldiers of the Main Body or early Reinforcements meet, the talk ultimately turns to the sublime moment their hearts—long months on Gallipoli—the reminiscent story of hill and terrible night, and cruel days that were weary to the rest, and each officer that tramped, and the long watches they kept against the desperate enemy through the hours of darkness, while a wind blew cold from the sea and the great guns spoke in the distance. It is recorded that the men stood firm, and that the line they held was never broken, though the cost was heavy and the losses great.

Whenever reserved soldiers of the Main Body or early Reinforcements meet, the talk ultimately turns to the sublime moment their hearts—long months on Gallipoli—the reminiscent story of hill and terrible night, and cruel days that were weary to the rest, and each officer that tramped, and the long watches they kept against the desperate enemy through the hours of darkness, while a wind blew cold from the sea and the great guns spoke in the distance. It is recorded that the men stood firm, and that the line they held was never broken, though the cost was heavy and the losses great.

Whenever reserved soldiers of the Main Body or early Reinforcements meet, the talk ultimately turns to the sublime moment their hearts—long months on Gallipoli—the reminiscent story of hill and terrible night, and cruel days that were weary to the rest, and each officer that tramped, and the long watches they kept against the desperate enemy through the hours of darkness, while a wind blew cold from the sea and the great guns spoke in the distance. It is recorded that the men stood firm, and that the line they held was never broken, though the cost was heavy and the losses great.

Whenever reserved soldiers of the Main Body or early Reinforcements meet, the talk ultimately turns to the sublime moment their hearts—long months on Gallipoli—the reminiscent story of hill and terrible night, and cruel days that were weary to the rest, and each officer that tramped, and the long watches they kept against the desperate enemy through the hours of darkness, while a wind blew cold from the sea and the great guns spoke in the distance. It is recorded that the men stood firm, and that the line they held was never broken, though the cost was heavy and the losses great.

Whenever reserved soldiers of the Main Body or early Reinforcements meet, the talk ultimately turns to the sublime moment their hearts—long months on Gallipoli—the reminiscent story of hill and terrible night, and cruel days that were weary to the rest, and each officer that tramped, and the long watches they kept against the desperate enemy through the hours of darkness, while a wind blew cold from the sea and the great guns spoke in the distance. It is recorded that the men stood firm, and that the line they held was never broken, though the cost was heavy and the losses great.

Whenever reserved soldiers of the Main Body or early Reinforcements meet, the talk ultimately turns to the sublime moment their hearts—long months on Gallipoli—the reminiscent story of hill and terrible night, and cruel days that were weary to the rest, and each officer that tramped, and the long watches they kept against the desperate enemy through the hours of darkness, while a wind blew cold from the sea and the great guns spoke in the distance. It is recorded that the men stood firm, and that the line they held was never broken, though the cost was heavy and the losses great.

Whenever reserved soldiers of the Main Body or early Reinforcements meet, the talk ultimately turns to the sublime moment their hearts—long months on Gallipoli—the reminiscent story of hill and terrible night, and cruel days that were weary to the rest, and each officer that tramped, and the long watches they kept against the desperate enemy through the hours of darkness, while a wind blew cold from the sea and the great guns spoke in the distance. It is recorded that the men stood firm, and that the line they held was never broken, though the cost was heavy and the losses great.

Whenever reserved soldiers of the Main Body or early Reinforcements meet, the talk ultimately turns to the sublime moment their hearts—long months on Gallipoli—the reminiscent story of hill and terrible night, and cruel days that were weary to the rest, and each officer that tramped, and the long watches they kept against the desperate enemy through the hours of darkness, while a wind blew cold from the sea and the great guns spoke in the distance. It is recorded that the men stood firm, and that the line they held was never broken, though the cost was heavy and the losses great.

Whenever reserved soldiers of the Main Body or early Reinforcements meet, the talk ultimately turns to the sublime moment their hearts—long months on Gallipoli—the reminiscent story of hill and terrible night, and cruel days that were weary to the rest, and each officer that tramped, and the long watches they kept against the desperate enemy through the hours of darkness, while a wind blew cold from the sea and the great guns spoke in the distance. It is recorded that the men stood firm, and that the line they held was never broken, though the cost was heavy and the losses great.

Whenever reserved soldiers of the Main Body or early Reinforcements meet, the talk ultimately turns to the sublime moment their hearts—long months on Gallipoli—the reminiscent story of hill and terrible night, and cruel days that were weary to the rest, and each officer that tramped, and the long watches they kept against the desperate enemy through the hours of darkness, while a wind blew cold from the sea and the great guns spoke in the distance. It is recorded that the men stood firm, and that the line they held was never broken, though the cost was heavy and the losses great.

Whenever reserved soldiers of the Main Body or early Reinforcements meet, the talk ultimately turns to the sublime moment their hearts—long months on Gallipoli—the reminiscent story of hill and terrible night, and cruel days that were weary to the rest, and each officer that tramped, and the long watches they kept against the desperate enemy through the hours of darkness, while a wind blew cold from the sea and the great guns spoke in the distance. It is recorded that the men stood firm, and that the line they held was never broken, though the cost was heavy and the losses great.

Whenever reserved soldiers of the Main Body or early Reinforcements meet, the talk ultimately turns to the sublime moment their hearts—long months on Gallipoli—the reminiscent story of hill and terrible night, and cruel days that were weary to the rest, and each officer that tramped, and the long watches they kept against the desperate enemy through the hours of darkness, while a wind blew cold from the sea and the great guns spoke in the distance. It is recorded that the men stood firm, and that the line they held was never broken, though the cost was heavy and the losses great.

Whenever reserved soldiers of the Main Body or early Reinforcements meet, the talk ultimately turns to the sublime moment their hearts—long months on Gallipoli—the reminiscent story of hill and terrible night, and cruel days that were weary to the rest, and each officer that tramped, and the long watches they kept against the desperate enemy through the hours of darkness, while a wind blew cold from the sea and the great guns spoke in the distance. It is recorded that the men stood firm, and that the line they held was never broken, though the cost was heavy and the losses great.

Whenever reserved soldiers of the Main Body or early Reinforcements meet, the talk ultimately turns to the sublime moment their hearts—long months on Gallipoli—the reminiscent story of hill and terrible night, and cruel days that were weary to the rest, and each officer that tramped, and the long watches they kept against the desperate enemy through the hours of darkness, while a wind blew cold from the sea and the great guns spoke in the distance. It is recorded that the men stood firm, and that the line they held was never broken, though the cost was heavy and the losses great.

Whenever reserved soldiers of the Main Body or early Reinforcements meet, the talk ultimately turns to the sublime moment their hearts—long months on Gallipoli—the reminiscent story of hill and terrible night, and cruel days that were weary to the rest, and each officer that tramped, and the long watches they kept against the desperate enemy through the hours of darkness, while a wind blew cold from the sea and the great guns spoke in the distance. It is recorded that the men stood firm, and that the line they held was never broken, though the cost was heavy and the losses great.

Whenever reserved soldiers of the Main Body or early Reinforcements meet, the talk ultimately turns to the sublime moment their hearts—long months on Gallipoli—the reminiscent story of hill and terrible night, and cruel days that were weary to the rest, and each officer that tramped, and the long watches they kept against the desperate enemy through the hours of darkness, while a wind blew cold from the sea and the great guns spoke in the distance. It is recorded that the men stood firm, and that the line they held was never broken, though the cost was heavy and the losses great.

Whenever reserved soldiers of the Main Body or early Reinforcements meet, the talk ultimately turns to the sublime moment their hearts—long months on Gallipoli—the reminiscent story of hill and terrible night, and cruel days that were weary to the rest, and each officer that tramped, and the long watches they kept against the desperate enemy through the hours of darkness, while a wind blew cold from the sea and the great guns spoke in the distance. It is recorded that the men stood firm, and that the line they held was never broken, though the cost was heavy and the losses great.

Whenever reserved soldiers of the Main Body or early Reinforcements meet, the talk ultimately turns to the sublime moment their hearts—long months on Gallipoli—the reminiscent story of hill and terrible night, and cruel days that were weary to the rest, and each officer that tramped, and the long watches they kept against the desperate enemy through the hours of darkness, while a wind blew cold from the sea and the great guns spoke in the distance. It is recorded that the men stood firm, and that the line they held was never broken, though the cost was heavy and the losses great.

Whenever reserved soldiers of the Main Body or early Reinforcements meet, the talk ultimately turns to the sublime moment their hearts—long months on Gallipoli—the reminiscent story of hill and terrible night, and cruel days that were weary to the rest, and each officer that tramped, and the long watches they kept against the desperate enemy through the hours of darkness, while a wind blew cold from the sea and the great guns spoke in the distance. It is recorded that the men stood firm, and that the line they held was never broken, though the cost was heavy and the losses great.

IS IT FATALISM?
PRESCIENCE IN BATTLE
WHAT EVERY SOLDIER KNOWS
(By "Sylvius.")

Whenever reserved soldiers of the Main Body or early Reinforcements meet, the talk ultimately turns to the sublime moment their hearts—long months on Gallipoli—the reminiscent story of hill and terrible night, and cruel days that were weary to the rest, and each officer that tramped, and the long watches they kept against the desperate enemy through the hours of darkness, while a wind blew cold from the sea and the great guns spoke in the distance. It is recorded that the men stood firm, and that the line they held was never broken, though the cost was heavy and the losses great.

Whenever reserved soldiers of the Main Body or early Reinforcements meet, the talk ultimately turns to the sublime moment their hearts—long months on Gallipoli—the reminiscent story of hill and terrible night, and cruel days that were weary to the rest, and each officer that tramped, and the long watches they kept against the desperate enemy through the hours of darkness, while a wind blew cold from the sea and the great guns spoke in the distance. It is recorded that the men stood firm, and that the line they held was never broken, though the cost was heavy and the losses great.

Whenever reserved soldiers of the Main Body or early Reinforcements meet, the talk ultimately turns to the sublime moment their hearts—long months on Gallipoli—the reminiscent story of hill and terrible night, and cruel days that were weary to the rest, and each officer that tramped, and the long watches they kept against the desperate enemy through the hours of darkness, while a wind blew cold from the sea and the great guns spoke in the distance. It is recorded that the men stood firm, and that the line they held was never broken, though the cost was heavy and the losses great.

Whenever reserved soldiers of the Main Body or early Reinforcements meet, the talk ultimately turns to the sublime moment their hearts—long months on Gallipoli—the reminiscent story of hill and terrible night, and cruel days that were weary to the rest, and each officer that tramped, and the long watches they kept against the desperate enemy through the hours of darkness, while a wind blew cold from the sea and the great guns spoke in the distance. It is recorded that the men stood firm, and that the line they held was never broken, though the cost was heavy and the losses great.

Whenever reserved soldiers of the Main Body or early Reinforcements meet, the talk ultimately turns to the sublime moment their hearts—long months on Gallipoli—the reminiscent story of hill and terrible night, and cruel days that were weary to the rest, and each officer that tramped, and the long watches they kept against the desperate enemy through the hours of darkness, while a wind blew cold from the sea and the great guns spoke in the distance. It is recorded that the men stood firm, and that the line they held was never broken, though the cost was heavy and the losses great.

Whenever reserved soldiers of the Main Body or early Reinforcements meet, the talk ultimately turns to the sublime moment their hearts—long months on Gallipoli—the reminiscent story of hill and terrible night, and cruel days that were weary to the rest, and each officer that tramped, and the long watches they kept against the desperate enemy through the hours of darkness, while a wind blew cold from the sea and the great guns spoke in the distance. It is recorded that the men stood firm, and that the line they held was never broken, though the cost was heavy and the losses great.

Whenever reserved soldiers of the Main Body or early Reinforcements meet, the talk ultimately turns to the sublime moment their hearts—long months on Gallipoli—the reminiscent story of hill and terrible night, and cruel days that were weary to the rest, and each officer that tramped, and the long watches they kept against the desperate enemy through the hours of darkness, while a wind blew cold from the sea and the great guns spoke in the distance. It is recorded that the men stood firm, and that the line they held was never broken, though the cost was heavy and the losses great.

Whenever reserved soldiers of the Main Body or early Reinforcements meet, the talk ultimately turns to the sublime moment their hearts—long months on Gallipoli—the reminiscent story of hill and terrible night, and cruel days that were weary to the rest, and each officer that tramped, and the long watches they kept against the desperate enemy through the hours of darkness, while a wind blew cold from the sea and the great guns spoke in the distance. It is recorded that the men stood firm, and that the line they held was never broken, though the cost was heavy and the losses great.

Whenever reserved soldiers of the Main Body or early Reinforcements meet, the talk ultimately turns to the sublime moment their hearts—long months on Gallipoli—the reminiscent story of hill and terrible night, and cruel days that were weary to the rest, and each officer that tramped, and the long watches they kept against the desperate enemy through the hours of darkness, while a wind blew cold from the sea and the great guns spoke in the distance. It is recorded that the men stood firm, and that the line they held was never broken, though the cost was heavy and the losses great.

Whenever reserved soldiers of the Main Body or early Reinforcements meet, the talk ultimately turns to the sublime moment their hearts—long months on Gallipoli—the reminiscent story of hill and terrible night, and cruel days that were weary to the rest, and each officer that tramped, and the long watches they kept against the desperate enemy through the hours of darkness, while a wind blew cold from the sea and the great guns spoke in the distance. It is recorded that the men stood firm, and that the line they held was never broken, though the cost was heavy and the losses great.

MEN OF THE MERCHANT SERVICE
PORT KEMBLA OFFICERS AND ENGINEERS ENTERTAINED.

Whenever reserved soldiers of the Main Body or early Reinforcements meet, the talk ultimately turns to the sublime moment their hearts—long months on Gallipoli—the reminiscent story of hill and terrible night, and cruel days that were weary to the rest, and each officer that tramped, and the long watches they kept against the desperate enemy through the hours of darkness, while a wind blew cold from the sea and the great guns spoke in the distance. It is recorded that the men stood firm, and that the line they held was never broken, though the cost was heavy and the losses great.

Whenever reserved soldiers of the Main Body or early Reinforcements meet, the talk ultimately turns to the sublime moment their hearts—long months on Gallipoli—the reminiscent story of hill and terrible night, and cruel days that were weary to the rest, and each officer that tramped, and the long watches they kept against the desperate enemy through the hours of darkness, while a wind blew cold from the sea and the great guns spoke in the distance. It is recorded that the men stood firm, and that the line they held was never broken, though the cost was heavy and the losses great.

Whenever reserved soldiers of the Main Body or early Reinforcements meet, the talk ultimately turns to the sublime moment their hearts—long months on Gallipoli—the reminiscent story of hill and terrible night, and cruel days that were weary to the rest, and each officer that tramped, and the long watches they kept against the desperate enemy through the hours of darkness, while a wind blew cold from the sea and the great guns spoke in the distance. It is recorded that the men stood firm, and that the line they held was never broken, though the cost was heavy and the losses great.

Whenever reserved soldiers of the Main Body or early Reinforcements meet, the talk ultimately turns to the sublime moment their hearts—long months on Gallipoli—the reminiscent story of hill and terrible night, and cruel days that were weary to the rest, and each officer that tramped, and the long watches they kept against the desperate enemy through the hours of darkness, while a wind blew cold from the sea and the great guns spoke in the distance. It is recorded that the men stood firm, and that the line they held was never broken, though the cost was heavy and the losses great.

Whenever reserved soldiers of the Main Body or early Reinforcements meet, the talk ultimately turns to the sublime moment their hearts—long months on Gallipoli—the reminiscent story of hill and terrible night, and cruel days that were weary to the rest, and each officer that tramped, and the long watches they kept against the desperate enemy through the hours of darkness, while a wind blew cold from the sea and the great guns spoke in the distance. It is recorded that the men stood firm, and that the line they held was never broken, though the cost was heavy and the losses great.

Whenever reserved soldiers of the Main Body or early Reinforcements meet, the talk ultimately turns to the sublime moment their hearts—long months on Gallipoli—the reminiscent story of hill and terrible night, and cruel days that were weary to the rest, and each officer that tramped, and the long watches they kept against the desperate enemy through the hours of darkness, while a wind blew cold from the sea and the great guns spoke in the distance. It is recorded that the men stood firm, and that the line they held was never broken, though the cost was heavy and the losses great.

Whenever reserved soldiers of the Main Body or early Reinforcements meet, the talk ultimately turns to the sublime moment their hearts—long months on Gallipoli—the reminiscent story of hill and terrible night, and cruel days that were weary to the rest, and each officer that tramped, and the long watches they kept against the desperate enemy through the hours of darkness, while a wind blew cold from the sea and the great guns spoke in the distance. It is recorded that the men stood firm, and that the line they held was never broken, though the cost was heavy and the losses great.

PADDY'S MARKET

Whenever reserved soldiers of the Main Body or early Reinforcements meet, the talk ultimately turns to the sublime moment their hearts—long months on Gallipoli—the reminiscent story of hill and terrible night, and cruel days that were weary to the rest, and each officer that tramped, and the long watches they kept against the desperate enemy through the hours of darkness, while a wind blew cold from the sea and the great guns spoke in the distance. It is recorded that the men stood firm, and that the line they held was never broken, though the cost was heavy and the losses great.

Whenever reserved soldiers of the Main Body or early Reinforcements meet, the talk ultimately turns to the sublime moment their hearts—long months on Gallipoli—the reminiscent story of hill and terrible night, and cruel days that were weary to the rest, and each officer that tramped, and the long watches they kept against the desperate enemy through the hours of darkness, while a wind blew cold from the sea and the great guns spoke in the distance. It is recorded that the men stood firm, and that the line they held was never broken, though the cost was heavy and the losses great.

Whenever reserved soldiers of the Main Body or early Reinforcements meet, the talk ultimately turns to the sublime moment their hearts—long months on Gallipoli—the reminiscent story of hill and terrible night, and cruel days that were weary to the rest, and each officer that tramped, and the long watches they kept against the desperate enemy through the hours of darkness, while a wind blew cold from the sea and the great guns spoke in the distance. It is recorded that the men stood firm, and that the line they held was never broken, though the cost was heavy and the losses great.

YOU SHOULD NOTE that notable cures are attributed to SANDER'S EUCALYPTI EXTRACT.
LETTERS TO THE EDITOR
THE BRITISH MEDICAL ASSOCIATION'S OFFER

Whenever reserved soldiers of the Main Body or early Reinforcements meet, the talk ultimately turns to the sublime moment their hearts—long months on Gallipoli—the reminiscent story of hill and terrible night, and cruel days that were weary to the rest, and each officer that tramped, and the long watches they kept against the desperate enemy through the hours of darkness, while a wind blew cold from the sea and the great guns spoke in the distance. It is recorded that the men stood firm, and that the line they held was never broken, though the cost was heavy and the losses great.

Whenever reserved soldiers of the Main Body or early Reinforcements meet, the talk ultimately turns to the sublime moment their hearts—long months on Gallipoli—the reminiscent story of hill and terrible night, and cruel days that were weary to the rest, and each officer that tramped, and the long watches they kept against the desperate enemy through the hours of darkness, while a wind blew cold from the sea and the great guns spoke in the distance. It is recorded that the men stood firm, and that the line they held was never broken, though the cost was heavy and the losses great.

Whenever reserved soldiers of the Main Body or early Reinforcements meet, the talk ultimately turns to the sublime moment their hearts—long months on Gallipoli—the reminiscent story of hill and terrible night, and cruel days that were weary to the rest, and each officer that tramped, and the long watches they kept against the desperate enemy through the hours of darkness, while a wind blew cold from the sea and the great guns spoke in the distance. It is recorded that the men stood firm, and that the line they held was never broken, though the cost was heavy and the losses great.

Whenever reserved soldiers of the Main Body or early Reinforcements meet, the talk ultimately turns to the sublime moment their hearts—long months on Gallipoli—the reminiscent story of hill and terrible night, and cruel days that were weary to the rest, and each officer that tramped, and the long watches they kept against the desperate enemy through the hours of darkness, while a wind blew cold from the sea and the great guns spoke in the distance. It is recorded that the men stood firm, and that the line they held was never broken, though the cost was heavy and the losses great.

Whenever reserved soldiers of the Main Body or early Reinforcements meet, the talk ultimately turns to the sublime moment their hearts—long months on Gallipoli—the reminiscent story of hill and terrible night, and cruel days that were weary to the rest, and each officer that tramped, and the long watches they kept against the desperate enemy through the hours of darkness, while a wind blew cold from the sea and the great guns spoke in the distance. It is recorded that the men stood firm, and that the line they held was never broken, though the cost was heavy and the losses great.

Whenever reserved soldiers of the Main Body or early Reinforcements meet, the talk ultimately turns to the sublime moment their hearts—long months on Gallipoli—the reminiscent story of hill and terrible night, and cruel days that were weary to the rest, and each officer that tramped, and the long watches they kept against the desperate enemy through the hours of darkness, while a wind blew cold from the sea and the great guns spoke in the distance. It is recorded that the men stood firm, and that the line they held was never broken, though the cost was heavy and the losses great.

Whenever reserved soldiers of the Main Body or early Reinforcements meet, the talk ultimately turns to the sublime moment their hearts—long months on Gallipoli—the reminiscent story of hill and terrible night, and cruel days that were weary to the rest, and each officer that tramped, and the long watches they kept against the desperate enemy through the hours of darkness, while a wind blew cold from the sea and the great guns spoke in the distance. It is recorded that the men stood firm, and that the line they held was never broken, though the cost was heavy and the losses great.

Whenever reserved soldiers of the Main Body or early Reinforcements meet, the talk ultimately turns to the sublime moment their hearts—long months on Gallipoli—the reminiscent story of hill and terrible night, and cruel days that were weary to the rest, and each officer that tramped, and the long watches they kept against the desperate enemy through the hours of darkness, while a wind blew cold from the sea and the great guns spoke in the distance. It is recorded that the men stood firm, and that the line they held was never broken, though the cost was heavy and the losses great.

Whenever reserved soldiers of the Main Body or early Reinforcements meet, the talk ultimately turns to the sublime moment their hearts—long months on Gallipoli—the reminiscent story of hill and terrible night, and cruel days that were weary to the rest, and each officer that tramped, and the long watches they kept against the desperate enemy through the hours of darkness, while a wind blew cold from the sea and the great guns spoke in the distance. It is recorded that the men stood firm, and that the line they held was never broken, though the cost was heavy and the losses great.

Whenever reserved soldiers of the Main Body or early Reinforcements meet, the talk ultimately turns to the sublime moment their hearts—long months on Gallipoli—the reminiscent story of hill and terrible night, and cruel days that were weary to the rest, and each officer that tramped, and the long watches they kept against the desperate enemy through the hours of darkness, while a wind blew cold from the sea and the great guns spoke in the distance. It is recorded that the men stood firm, and that the line they held was never broken, though the cost was heavy and the losses great.

Whenever reserved soldiers of the Main Body or early Reinforcements meet, the talk ultimately turns to the sublime moment their hearts—long months on Gallipoli—the reminiscent story of hill and terrible night, and cruel days that were weary to the rest, and each officer that tramped, and the long watches they kept against the desperate enemy through the hours of darkness, while a wind blew cold from the sea and the great guns spoke in the distance. It is recorded that the men stood firm, and that the line they held was never broken, though the cost was heavy and the losses great.

Whenever reserved soldiers of the Main Body or early Reinforcements meet, the talk ultimately turns to the sublime moment their hearts—long months on Gallipoli—the reminiscent story of hill and terrible night, and cruel days that were weary to the rest, and each officer that tramped, and the long watches they kept against the desperate enemy through the hours of darkness, while a wind blew cold from the sea and the great guns spoke in the distance. It is recorded that the men stood firm, and that the line they held was never broken, though the cost was heavy and the losses great.

Whenever reserved soldiers of the Main Body or early Reinforcements meet, the talk ultimately turns to the sublime moment their hearts—long months on Gallipoli—the reminiscent story of hill and terrible night, and cruel days that were weary to the rest, and each officer that tramped, and the long watches they kept against the desperate enemy through the hours of darkness, while a wind blew cold from the sea and the great guns spoke in the distance. It is recorded that the men stood firm, and that the line they held was never broken, though the cost was heavy and the losses great.

Whenever reserved soldiers of the Main Body or early Reinforcements meet, the talk ultimately turns to the sublime moment their hearts—long months on Gallipoli—the reminiscent story of hill and terrible night, and cruel days that were weary to the rest, and each officer that tramped, and the long watches they kept against the desperate enemy through the hours of darkness, while a wind blew cold from the sea and the great guns spoke in the distance. It is recorded that the men stood firm, and that the line they held was never broken, though the cost was heavy and the losses great.

Whenever reserved soldiers of the Main Body or early Reinforcements meet, the talk ultimately turns to the sublime moment their hearts—long months on Gallipoli—the reminiscent story of hill and terrible night, and cruel days that were weary to the rest, and each officer that tramped, and the long watches they kept against the desperate enemy through the hours of darkness, while a wind blew cold from the sea and the great guns spoke in the distance. It is recorded that the men stood firm, and that the line they held was never broken, though the cost was heavy and the losses great.

Whenever reserved soldiers of the Main Body or early Reinforcements meet, the talk ultimately turns to the sublime moment their hearts—long months on Gallipoli—the reminiscent story of hill and terrible night, and cruel days that were weary to the rest, and each officer that tramped, and the long watches they kept against the desperate enemy through the hours of darkness, while a wind blew cold from the sea and the great guns spoke in the distance. It is recorded that the men stood firm, and that the line they held was never broken, though the cost was heavy and the losses great.

RE-EXAMINATION OF C2 MEN

Whenever reserved soldiers of the Main Body or early Reinforcements meet, the talk ultimately turns to the sublime moment their hearts—long months on Gallipoli—the reminiscent story of hill and terrible night, and cruel days that were weary to the rest, and each officer that tramped, and the long watches they kept against the desperate enemy through the hours of darkness, while a wind blew cold from the sea and the great guns spoke in the distance. It is recorded that the men stood firm, and that the line they held was never broken, though the cost was heavy and the losses great.

Whenever reserved soldiers of the Main Body or early Reinforcements meet, the talk ultimately turns to the sublime moment their hearts—long months on Gallipoli—the reminiscent story of hill and terrible night, and cruel days that were weary to the rest, and each officer that tramped, and the long watches they kept against the desperate enemy through the hours of darkness, while a wind blew cold from the sea and the great guns spoke in the distance. It is recorded that the men stood firm, and that the line they held was never broken, though the cost was heavy and the losses great.

Whenever reserved soldiers of the Main Body or early Reinforcements meet, the talk ultimately turns to the sublime moment their hearts—long months on Gallipoli—the reminiscent story of hill and terrible night, and cruel days that were weary to the rest, and each officer that tramped, and the long watches they kept against the desperate enemy through the hours of darkness, while a wind blew cold from the sea and the great guns spoke in the distance. It is recorded that the men stood firm, and that the line they held was never broken, though the cost was heavy and the losses great.

Whenever reserved soldiers of the Main Body or early Reinforcements meet, the talk ultimately turns to the sublime moment their hearts—long months on Gallipoli—the reminiscent story of hill and terrible night, and cruel days that were weary to the rest, and each officer that tramped, and the long watches they kept against the desperate enemy through the hours of darkness, while a wind blew cold from the sea and the great guns spoke in the distance. It is recorded that the men stood firm, and that the line they held was never broken, though the cost was heavy and the losses great.

Whenever reserved soldiers of the Main Body or early Reinforcements meet, the talk ultimately turns to the sublime moment their hearts—long months on Gallipoli—the reminiscent story of hill and terrible night, and cruel days that were weary to the rest, and each officer that tramped, and the long watches they kept against the desperate enemy through the hours of darkness, while a wind blew cold from the sea and the great guns spoke in the distance. It is recorded that the men stood firm, and that the line they held was never broken, though the cost was heavy and the losses great.

Whenever reserved soldiers of the Main Body or early Reinforcements meet, the talk ultimately turns to the sublime moment their hearts—long months on Gallipoli—the reminiscent story of hill and terrible night, and cruel days that were weary to the rest, and each officer that tramped, and the long watches they kept against the desperate enemy through the hours of darkness, while a wind blew cold from the sea and the great guns spoke in the distance. It is recorded that the men stood firm, and that the line they held was never broken, though the cost was heavy and the losses great.

Whenever reserved soldiers of the Main Body or early Reinforcements meet, the talk ultimately turns to the sublime moment their hearts—long months on Gallipoli—the reminiscent story of hill and terrible night, and cruel days that were weary to the rest, and each officer that tramped, and the long watches they kept against the desperate enemy through the hours of darkness, while a wind blew cold from the sea and the great guns spoke in the distance. It is recorded that the men stood firm, and that the line they held was never broken, though the cost was heavy and the losses great.

Whenever reserved soldiers of the Main Body or early Reinforcements meet, the talk ultimately turns to the sublime moment their hearts—long months on Gallipoli—the reminiscent story of hill and terrible night, and cruel days that were weary to the rest, and each officer that tramped, and the long watches they kept against the desperate enemy through the hours of darkness, while a wind blew cold from the sea and the great guns spoke in the distance. It is recorded that the men stood firm, and that the line they held was never broken, though the cost was heavy and the losses great.

Whenever reserved soldiers of the Main Body or early Reinforcements meet, the talk ultimately turns to the sublime moment their hearts—long months on Gallipoli—the reminiscent story of hill and terrible night, and cruel days that were weary to the rest, and each officer that tramped, and the long watches they kept against the desperate enemy through the hours of darkness, while a wind blew cold from the sea and the great guns spoke in the distance. It is recorded that the men stood firm, and that the line they held was never broken, though the cost was heavy and the losses great.

Whenever reserved soldiers of the Main Body or early Reinforcements meet, the talk ultimately turns to the sublime moment their hearts—long months on Gallipoli—the reminiscent story of hill and terrible night, and cruel days that were weary to the rest, and each officer that tramped, and the long watches they kept against the desperate enemy through the hours of darkness, while a wind blew cold from the sea and the great guns spoke in the distance. It is recorded that the men stood firm, and that the line they held was never broken, though the cost was heavy and the losses great.

Whenever reserved soldiers of the Main Body or early Reinforcements meet, the talk ultimately turns to the sublime moment their hearts—long months on Gallipoli—the reminiscent story of hill and terrible night, and cruel days that were weary to the rest, and each officer that tramped, and the long watches they kept against the desperate enemy through the hours of darkness, while a wind blew cold from the sea and the great guns spoke in the distance. It is recorded that the men stood firm, and that the line they held was never broken, though the cost was heavy and the losses great.

Whenever reserved soldiers of the Main Body or early Reinforcements meet, the talk ultimately turns to the sublime moment their hearts—long months on Gallipoli—the reminiscent story of hill and terrible night, and cruel days that were weary to the rest, and each officer that tramped, and the long watches they kept against the desperate enemy through the hours of darkness, while a wind blew cold from the sea and the great guns spoke in the distance. It is recorded that the men stood firm, and that the line they held was never broken, though the cost was heavy and the losses great.

Whenever reserved soldiers of the Main Body or early Reinforcements meet, the talk ultimately turns to the sublime moment their hearts—long months on Gallipoli—the reminiscent story of hill and terrible night, and cruel days that were weary to the rest, and each officer that tramped, and the long watches they kept against the desperate enemy through the hours of darkness, while a wind blew cold from the sea and the great guns spoke in the distance. It is recorded that the men stood firm, and that the line they held was never broken, though the cost was heavy and the losses great.

Whenever reserved soldiers of the Main Body or early Reinforcements meet, the talk ultimately turns to the sublime moment their hearts—long months on Gallipoli—the reminiscent story of hill and terrible night, and cruel days that were weary to the rest, and each officer that tramped, and the long watches they kept against the desperate enemy through the hours of darkness, while a wind blew cold from the sea and the great guns spoke in the distance. It is recorded that the men stood firm, and that the line they held was never broken, though the cost was heavy and the losses great.

Whenever reserved soldiers of the Main Body or early Reinforcements meet, the talk ultimately turns to the sublime moment their hearts—long months on Gallipoli—the reminiscent story of hill and terrible night, and cruel days that were weary to the rest, and each officer that tramped, and the long watches they kept against the desperate enemy through the hours of darkness, while a wind blew cold from the sea and the great guns spoke in the distance. It is recorded that the men stood firm, and that the line they held was never broken, though the cost was heavy and the losses great.

Whenever reserved soldiers of the Main Body or early Reinforcements meet, the talk ultimately turns to the sublime moment their hearts—long months on Gallipoli—the reminiscent story of hill and terrible night, and cruel days that were weary to the rest, and each officer that tramped, and the long watches they kept against the desperate enemy through the hours of darkness, while a wind blew cold from the sea and the great guns spoke in the distance. It is recorded that the men stood firm, and that the line they held was never broken, though the cost was heavy and the losses great.

Whenever reserved soldiers of the Main Body or early Reinforcements meet, the talk ultimately turns to the sublime moment their hearts—long months on Gallipoli—the reminiscent story of hill and terrible night, and cruel days that were weary to the rest, and each officer that tramped, and the long watches they kept against the desperate enemy through the hours of darkness, while a wind blew cold from the sea and the great guns spoke in the distance. It is recorded that the men stood firm, and that the line they held was never broken, though the cost was heavy and the losses great.

Whenever reserved soldiers of the Main Body or early Reinforcements meet, the talk ultimately turns to the sublime moment their hearts—long months on Gallipoli—the reminiscent story of hill and terrible night, and cruel days that were weary to the rest, and each officer that tramped, and the long watches they kept against the desperate enemy through the hours of darkness, while a wind blew cold from the sea and the great guns spoke in the distance. It is recorded that the men stood firm, and that the line they held was never broken, though the cost was heavy and the losses great.

Whenever reserved soldiers of the Main Body or early Reinforcements meet, the talk ultimately turns to the sublime moment their hearts—long months on Gallipoli—the reminiscent story of hill and terrible night, and cruel days that were weary to the rest, and each officer that tramped, and the long watches they kept against the desperate enemy through the hours of darkness, while a wind blew cold from the sea and the great guns spoke in the distance. It is recorded that the men stood firm, and that the line they held was never broken, though the cost was heavy and the losses great.

Whenever reserved soldiers of the Main Body or early Reinforcements meet, the talk ultimately turns to the sublime moment their hearts—long months on Gallipoli—the reminiscent story of hill and terrible night, and cruel days that were weary to the rest, and each officer that tramped, and the long watches they kept against the desperate enemy through the hours of darkness, while a wind blew cold from the sea and the great guns spoke in the distance. It is recorded that the men stood firm, and that the line they held was never broken, though the cost was heavy and the losses great.

Whenever reserved soldiers of the Main Body or early Reinforcements meet, the talk ultimately turns to the sublime moment their hearts—long months on Gallipoli—the reminiscent story of hill and terrible night, and cruel days that were weary to the rest, and each officer that tramped, and the long watches they kept against the desperate enemy through the hours of darkness, while a wind blew cold from the sea and the great guns spoke in the distance. It is recorded that the men stood firm, and that the line they held was never broken, though the cost was heavy and the losses great.

RETURNED SOLDIERS' CLUB
WELLINGTON INSTITUTE'S SECOND ANNUAL REPORT.

Whenever reserved soldiers of the Main Body or early Reinforcements meet, the talk ultimately turns to the sublime moment their hearts—long months on Gallipoli—the reminiscent story of hill and terrible night, and cruel days that were weary to the rest, and each officer that tramped, and the long watches they kept against the desperate enemy through the hours of darkness, while a wind blew cold from the sea and the great guns spoke in the distance. It is recorded that the men stood firm, and that the line they held was never broken, though the cost was heavy and the losses great.

Whenever reserved soldiers of the Main Body or early Reinforcements meet, the talk ultimately turns to the sublime moment their hearts—long months on Gallipoli—the reminiscent story of hill and terrible night, and cruel days that were weary to the rest, and each officer that tramped, and the long watches they kept against the desperate enemy through the hours of darkness, while a wind blew cold from the sea and the great guns spoke in the distance. It is recorded that the men stood firm, and that the line they held was never broken, though the cost was heavy and the losses great.

Whenever reserved soldiers of the Main Body or early Reinforcements meet, the talk ultimately turns to the sublime moment their hearts—long months on Gallipoli—the reminiscent story of hill and terrible night, and cruel days that were weary to the rest, and each officer that tramped, and the long watches they kept against the desperate enemy through the hours of darkness, while a wind blew cold from the sea and the great guns spoke in the distance. It is recorded that the men stood firm, and that the line they held was never broken, though the cost was heavy and the losses great.

Whenever reserved soldiers of the Main Body or early Reinforcements meet, the talk ultimately turns to the sublime moment their hearts—long months on Gallipoli—the reminiscent story of hill and terrible night, and cruel days that were weary to the rest, and each officer that tramped, and the long watches they kept against the desperate enemy through the hours of darkness, while a wind blew cold from the sea and the great guns spoke in the distance. It is recorded that the men stood firm, and that the line they held was never broken, though the cost was heavy and the losses great.

Whenever reserved soldiers of the Main Body or early Reinforcements meet, the talk ultimately turns to the sublime moment their hearts—long months on Gallipoli—the reminiscent story of hill and terrible night, and cruel days that were weary to the rest, and each officer that tramped, and the long watches they kept against the desperate enemy through the hours of darkness, while a wind blew cold from the sea and the great guns spoke in the distance. It is recorded that the men stood firm, and that the line they held was never broken, though the cost was heavy and the losses great.

Whenever reserved soldiers of the Main Body or early Reinforcements meet, the talk ultimately turns to the sublime moment their hearts—long months on Gallipoli—the reminiscent story of hill and terrible night, and cruel days that were weary to the rest, and each officer that tramped, and the long watches they kept against the desperate enemy through the hours of darkness, while a wind blew cold from the sea and the great guns spoke in the distance. It is recorded that the men stood firm, and that the line they held was never broken, though the cost was heavy and the losses great.

Whenever reserved soldiers of the Main Body or early Reinforcements meet, the talk ultimately turns to the sublime moment their hearts—long months on Gallipoli—the reminiscent story of hill and terrible night, and cruel days that were weary to the rest, and each officer that tramped, and the long watches they kept against the desperate enemy through the hours of darkness, while a wind blew cold from the sea and the great guns spoke in the distance. It is recorded that the men stood firm, and that the line they held was never broken, though the cost was heavy and the losses great.

Whenever reserved soldiers of the Main Body or early Reinforcements meet, the talk ultimately turns to the sublime moment their hearts—long months on Gallipoli—the reminiscent story of hill and terrible night, and cruel days that were weary to the rest, and each officer that tramped, and the long watches they kept against the desperate enemy through the hours of darkness, while a wind blew cold from the sea and the great guns spoke in the distance. It is recorded that the men stood firm, and that the line they held was never broken, though the cost was heavy and the losses great.

Whenever reserved soldiers of the Main Body or early Reinforcements meet, the talk ultimately turns to the sublime moment their hearts—long months on Gallipoli—the reminiscent story of hill and terrible night, and cruel days that were weary to the rest, and each officer that tramped, and the long watches they kept against the desperate enemy through the hours of darkness, while a wind blew cold from the sea and the great guns spoke in the distance. It is recorded that the men stood firm, and that the line they held was never broken, though the cost was heavy and the losses great.

Whenever reserved soldiers of the Main Body or early Reinforcements meet, the talk ultimately turns to the sublime moment their hearts—long months on Gallipoli—the reminiscent story of hill and terrible night, and cruel days that were weary to the rest, and each officer that tramped, and the long watches they kept against the desperate enemy through the hours of darkness, while a wind blew cold from the sea and the great guns spoke in the distance. It is recorded that the men stood firm, and that the line they held was never broken, though the cost was heavy and the losses great.

Whenever reserved soldiers of the Main Body or early Reinforcements meet, the talk ultimately turns to the sublime moment their hearts—long months on Gallipoli—the reminiscent story of hill and terrible night, and cruel days that were weary to the rest, and each officer that tramped, and the long watches they kept against the desperate enemy through the hours of darkness, while a wind blew cold from the sea and the great guns spoke in the distance. It is recorded that the men stood firm, and that the line they held was never broken, though the cost was heavy and the losses great.

Whenever reserved soldiers of the Main Body or early Reinforcements meet, the talk ultimately turns to the sublime moment their hearts—long months on Gallipoli—the reminiscent story of hill and terrible night, and cruel days that were weary to the rest, and each officer that tramped, and the long watches they kept against the desperate enemy through the hours of darkness, while a wind blew cold from the sea and the great guns spoke in the distance. It is recorded that the men stood firm, and that the line they held was never broken, though the cost was heavy and the losses great.

Whenever reserved soldiers of the Main Body or early Reinforcements meet, the talk ultimately turns to the sublime moment their hearts—long months on Gallipoli—the reminiscent story of hill and terrible night, and cruel days that were weary to the rest, and each officer that tramped, and the long watches they kept against the desperate enemy through the hours of darkness, while a wind blew cold from the sea and the great guns spoke in the distance. It is recorded that the men stood firm, and that the line they held was never broken, though the cost was heavy and the losses great.

Whenever reserved soldiers of the Main Body or early Reinforcements meet, the talk ultimately turns to the sublime moment their hearts—long months on Gallipoli—the reminiscent story of hill and terrible night, and cruel days that were weary to the rest, and each officer that tramped, and the long watches they kept against the desperate enemy through the hours of darkness, while a wind blew cold from the sea and the great guns spoke in the distance. It is recorded that the men stood firm, and that the line they held was never broken, though the cost was heavy and the losses great.

Whenever reserved soldiers of the Main Body or early Reinforcements meet, the talk ultimately turns to the sublime moment their hearts—long months on Gallipoli—the reminiscent story of hill and terrible night, and cruel days that were weary to the rest, and each officer that tramped, and the long watches they kept against the desperate enemy through the hours of darkness, while a wind blew cold from the sea and the great guns spoke in the distance. It is recorded that the men stood firm, and that the line they held was never broken, though the cost was heavy and the losses great.

Whenever reserved soldiers of the Main Body or early Reinforcements meet, the talk ultimately turns to the sublime moment their hearts—long months on Gallipoli—the reminiscent story of hill and terrible night, and cruel days that were weary to the rest, and each officer that tramped, and the long watches they kept against the desperate enemy through the hours of darkness, while a wind blew cold from the sea and the great guns spoke in the distance. It is recorded that the men stood firm, and that the line they held was never broken, though the cost was heavy and the losses great.

Whenever reserved soldiers of the Main Body or early Reinforcements meet, the talk ultimately turns to the sublime moment their hearts—long months on Gallipoli—the reminiscent story of hill and terrible night, and cruel days that were weary to the rest, and each officer that tramped, and the long watches they kept against the desperate enemy through the hours of darkness, while a wind blew cold from the sea and the great guns spoke in the distance. It is recorded that the men stood firm, and that the line they held was never broken, though the cost was heavy and the losses great.

Whenever reserved soldiers of the Main Body or early Reinforcements meet, the talk ultimately turns to the sublime moment their hearts—long months on Gallipoli—the reminiscent story of hill and terrible night, and cruel days that were weary to the rest, and each officer that tramped, and the long watches they kept against the desperate enemy through the hours of darkness, while a wind blew cold from the sea and the great guns spoke in the distance. It is recorded that the men stood firm, and that the line they held was never broken, though the cost was heavy and the losses great.

Whenever reserved soldiers of the Main Body or early Reinforcements meet, the talk ultimately turns to the sublime moment their hearts—long months on Gallipoli—the reminiscent story of hill and terrible night, and cruel days that were weary to the rest, and each officer that tramped, and the long watches they kept against the desperate enemy through the hours of darkness, while a wind blew cold from the sea and the great guns spoke in the distance. It is recorded that the men stood firm, and that the line they held was never broken, though the cost was heavy and the losses great.

Whenever reserved soldiers of the Main Body or early Reinforcements meet, the talk ultimately turns to the sublime moment their hearts—long months on Gallipoli—the reminiscent story of hill and terrible night, and cruel days that were weary to the rest, and each officer that tramped, and the long watches they kept against the desperate enemy through the hours of darkness, while a wind blew cold from the sea and the great guns spoke in the distance. It is recorded that the men stood firm, and that the line they held was never broken, though the cost was heavy and the losses great.

Children's Hacking Cough. Woods' Great Peppermint Cure.
